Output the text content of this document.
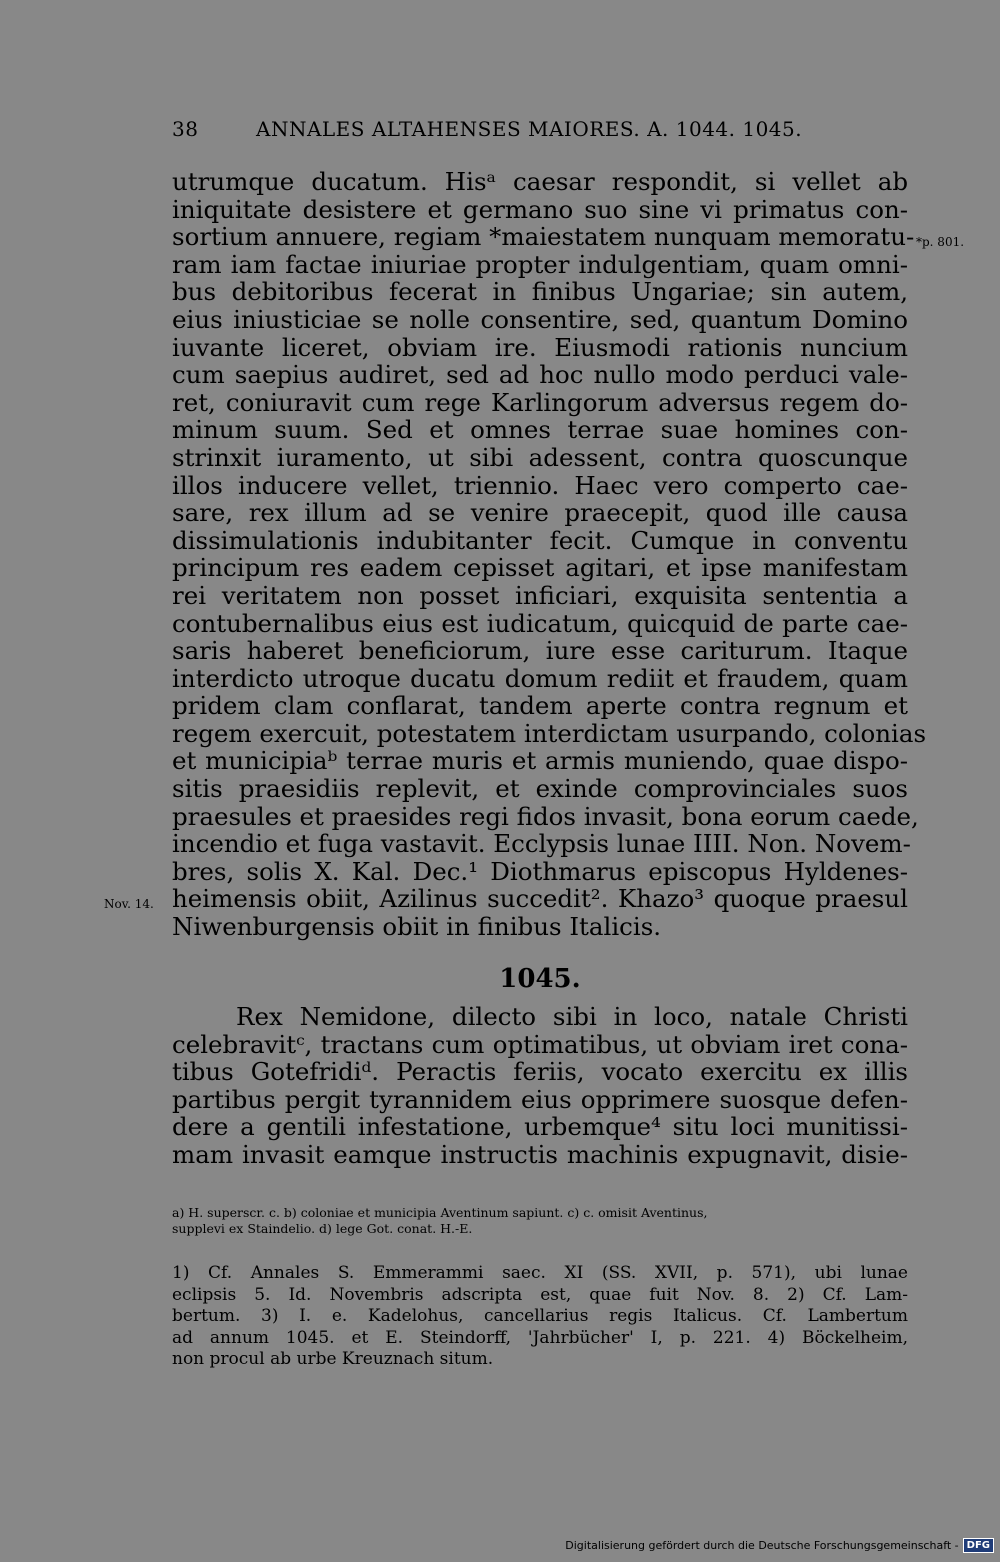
38	ANNALES ALTAHENSES MAIORES. A. 1044. 1045.
*p. 801.
Nov. 14.
utrumque ducatum. Hisᵃ caesar respondit, si vellet ab
iniquitate desistere et germano suo sine vi primatus con-
sortium annuere, regiam *maiestatem nunquam memoratu-
ram iam factae iniuriae propter indulgentiam, quam omni-
bus debitoribus fecerat in finibus Ungariae; sin autem,
eius iniusticiae se nolle consentire, sed, quantum Domino
iuvante liceret, obviam ire. Eiusmodi rationis nuncium
cum saepius audiret, sed ad hoc nullo modo perduci vale-
ret, coniuravit cum rege Karlingorum adversus regem do-
minum suum. Sed et omnes terrae suae homines con-
strinxit iuramento, ut sibi adessent, contra quoscunque
illos inducere vellet, triennio. Haec vero comperto cae-
sare, rex illum ad se venire praecepit, quod ille causa
dissimulationis indubitanter fecit. Cumque in conventu
principum res eadem cepisset agitari, et ipse manifestam
rei veritatem non posset inficiari, exquisita sententia a
contubernalibus eius est iudicatum, quicquid de parte cae-
saris haberet beneficiorum, iure esse cariturum. Itaque
interdicto utroque ducatu domum rediit et fraudem, quam
pridem clam conflarat, tandem aperte contra regnum et
regem exercuit, potestatem interdictam usurpando, colonias
et municipiaᵇ terrae muris et armis muniendo, quae dispo-
sitis praesidiis replevit, et exinde comprovinciales suos
praesules et praesides regi fidos invasit, bona eorum caede,
incendio et fuga vastavit. Ecclypsis lunae IIII. Non. Novem-
bres, solis X. Kal. Dec.¹ Diothmarus episcopus Hyldenes-
heimensis obiit, Azilinus succedit². Khazo³ quoque praesul
Niwenburgensis obiit in finibus Italicis.
1045.
Rex Nemidone, dilecto sibi in loco, natale Christi
celebravitᶜ, tractans cum optimatibus, ut obviam iret cona-
tibus Gotefridiᵈ. Peractis feriis, vocato exercitu ex illis
partibus pergit tyrannidem eius opprimere suosque defen-
dere a gentili infestatione, urbemque⁴ situ loci munitissi-
mam invasit eamque instructis machinis expugnavit, disie-
a) H. superscr. c. b) coloniae et municipia Aventinum sapiunt. c) c. omisit Aventinus,
supplevi ex Staindelio. d) lege Got. conat. H.-E.
1) Cf. Annales S. Emmerammi saec. XI (SS. XVII, p. 571), ubi lunae
eclipsis 5. Id. Novembris adscripta est, quae fuit Nov. 8. 2) Cf. Lam-
bertum. 3) I. e. Kadelohus, cancellarius regis Italicus. Cf. Lambertum
ad annum 1045. et E. Steindorff, 'Jahrbücher' I, p. 221. 4) Böckelheim,
non procul ab urbe Kreuznach situm.
Digitalisierung gefördert durch die Deutsche Forschungsgemeinschaft - DFG
